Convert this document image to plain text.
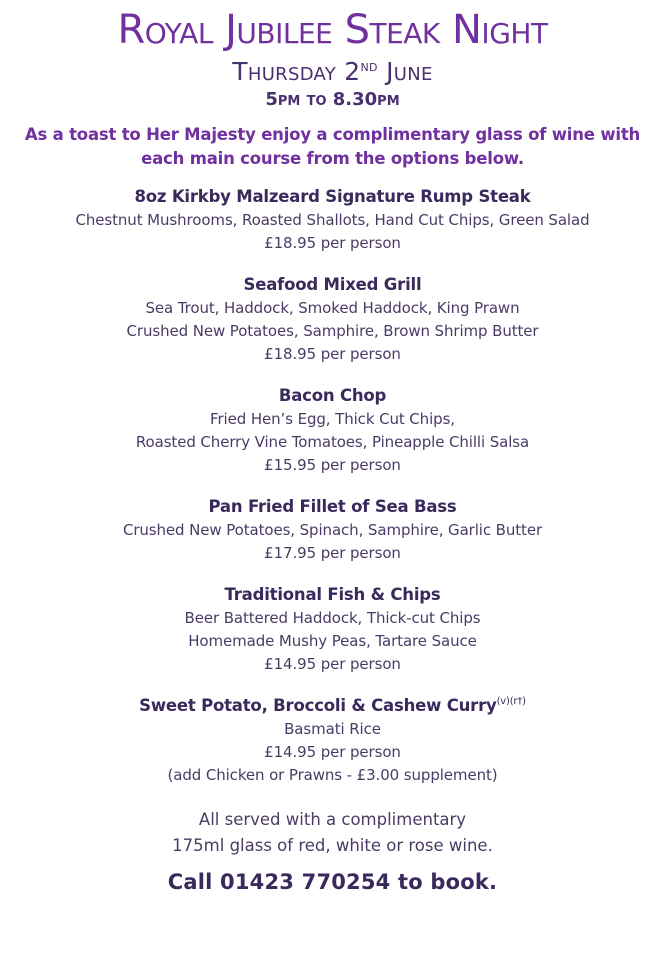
Royal Jubilee Steak Night
Thursday 2nd June
5pm to 8.30pm
As a toast to Her Majesty enjoy a complimentary glass of wine with
each main course from the options below.
8oz Kirkby Malzeard Signature Rump Steak
Chestnut Mushrooms, Roasted Shallots, Hand Cut Chips, Green Salad
£18.95 per person
Seafood Mixed Grill
Sea Trout, Haddock, Smoked Haddock, King Prawn
Crushed New Potatoes, Samphire, Brown Shrimp Butter
£18.95 per person
Bacon Chop
Fried Hen’s Egg, Thick Cut Chips,
Roasted Cherry Vine Tomatoes, Pineapple Chilli Salsa
£15.95 per person
Pan Fried Fillet of Sea Bass
Crushed New Potatoes, Spinach, Samphire, Garlic Butter
£17.95 per person
Traditional Fish & Chips
Beer Battered Haddock, Thick-cut Chips
Homemade Mushy Peas, Tartare Sauce
£14.95 per person
Sweet Potato, Broccoli & Cashew Curry$^{(v)(r\dagger)}$
Basmati Rice
£14.95 per person
(add Chicken or Prawns - £3.00 supplement)
All served with a complimentary
175ml glass of red, white or rose wine.
Call 01423 770254 to book.
